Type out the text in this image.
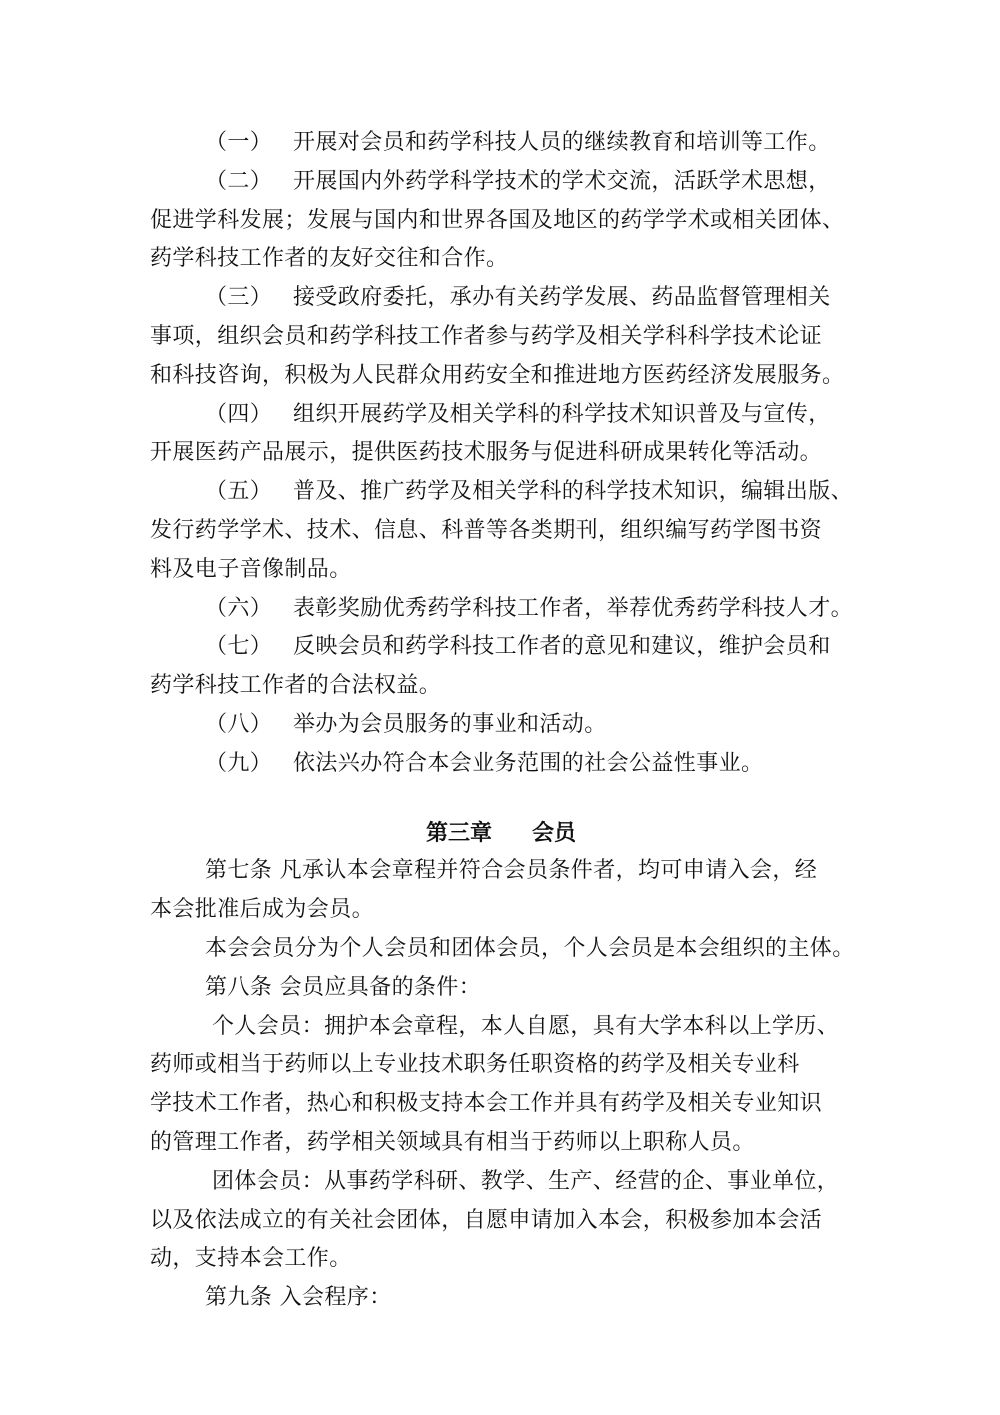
（一） 开展对会员和药学科技人员的继续教育和培训等工作。
（二） 开展国内外药学科学技术的学术交流，活跃学术思想，
促进学科发展；发展与国内和世界各国及地区的药学学术或相关团体、
药学科技工作者的友好交往和合作。
（三） 接受政府委托，承办有关药学发展、药品监督管理相关
事项，组织会员和药学科技工作者参与药学及相关学科科学技术论证
和科技咨询，积极为人民群众用药安全和推进地方医药经济发展服务。
（四） 组织开展药学及相关学科的科学技术知识普及与宣传，
开展医药产品展示，提供医药技术服务与促进科研成果转化等活动。
（五） 普及、推广药学及相关学科的科学技术知识，编辑出版、
发行药学学术、技术、信息、科普等各类期刊，组织编写药学图书资
料及电子音像制品。
（六） 表彰奖励优秀药学科技工作者，举荐优秀药学科技人才。
（七） 反映会员和药学科技工作者的意见和建议，维护会员和
药学科技工作者的合法权益。
（八） 举办为会员服务的事业和活动。
（九） 依法兴办符合本会业务范围的社会公益性事业。
第三章 会员
第七条 凡承认本会章程并符合会员条件者，均可申请入会，经
本会批准后成为会员。
本会会员分为个人会员和团体会员，个人会员是本会组织的主体。
第八条 会员应具备的条件：
个人会员：拥护本会章程，本人自愿，具有大学本科以上学历、
药师或相当于药师以上专业技术职务任职资格的药学及相关专业科
学技术工作者，热心和积极支持本会工作并具有药学及相关专业知识
的管理工作者，药学相关领域具有相当于药师以上职称人员。
团体会员：从事药学科研、教学、生产、经营的企、事业单位，
以及依法成立的有关社会团体，自愿申请加入本会，积极参加本会活
动，支持本会工作。
第九条 入会程序：
